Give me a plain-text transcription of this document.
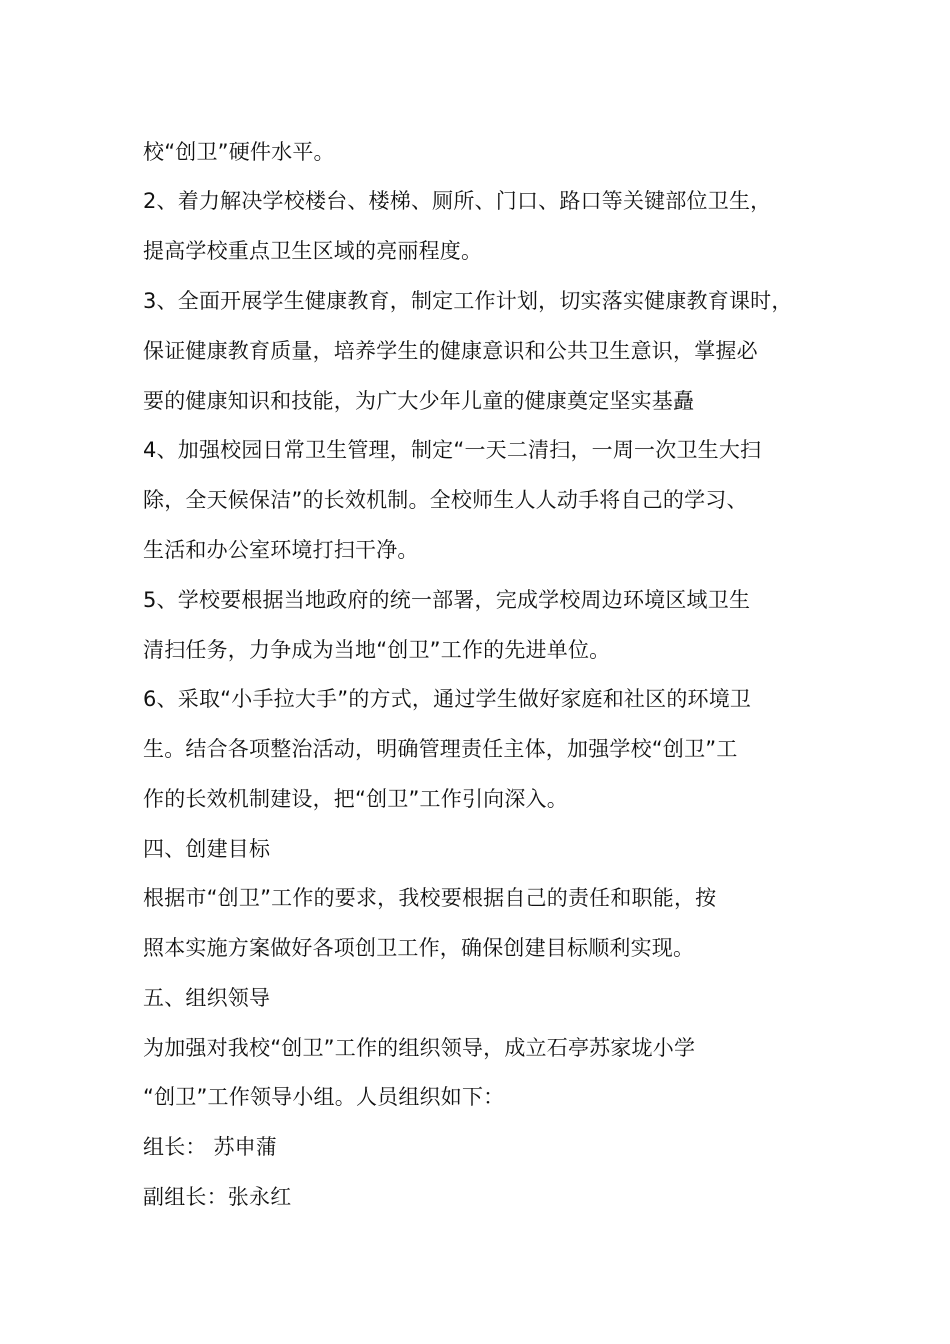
校“创卫”硬件水平。
2、着力解决学校楼台、楼梯、厕所、门口、路口等关键部位卫生，
提高学校重点卫生区域的亮丽程度。
3、全面开展学生健康教育，制定工作计划，切实落实健康教育课时，
保证健康教育质量，培养学生的健康意识和公共卫生意识，掌握必
要的健康知识和技能，为广大少年儿童的健康奠定坚实基矗
4、加强校园日常卫生管理，制定“一天二清扫，一周一次卫生大扫
除，全天候保洁”的长效机制。全校师生人人动手将自己的学习、
生活和办公室环境打扫干净。
5、学校要根据当地政府的统一部署，完成学校周边环境区域卫生
清扫任务，力争成为当地“创卫”工作的先进单位。
6、采取“小手拉大手”的方式，通过学生做好家庭和社区的环境卫
生。结合各项整治活动，明确管理责任主体，加强学校“创卫”工
作的长效机制建设，把“创卫”工作引向深入。
四、创建目标
根据市“创卫”工作的要求，我校要根据自己的责任和职能，按
照本实施方案做好各项创卫工作，确保创建目标顺利实现。
五、组织领导
为加强对我校“创卫”工作的组织领导，成立石亭苏家垅小学
“创卫”工作领导小组。人员组织如下：
组长： 苏申蒲
副组长：张永红
